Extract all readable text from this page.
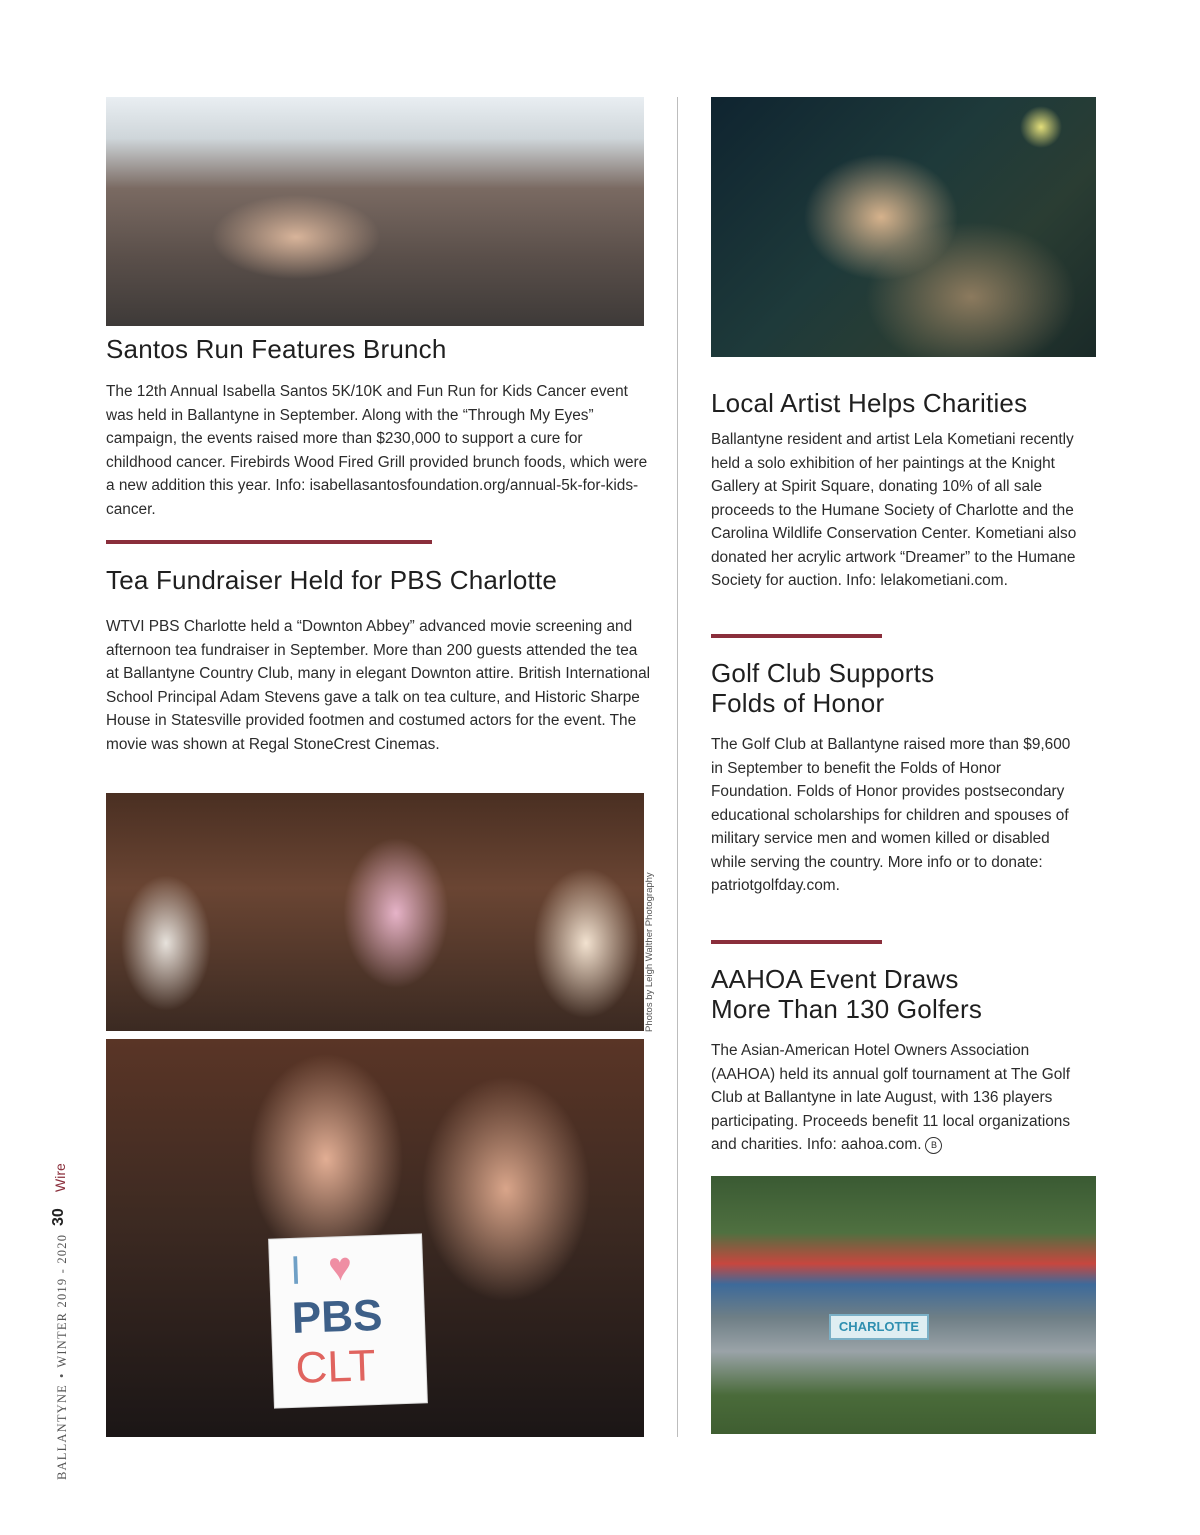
Santos Run Features Brunch

The 12th Annual Isabella Santos 5K/10K and Fun Run for Kids Cancer event was held in Ballantyne in September. Along with the “Through My Eyes” campaign, the events raised more than $230,000 to support a cure for childhood cancer. Firebirds Wood Fired Grill provided brunch foods, which were a new addition this year. Info: isabellasantosfoundation.org/annual-5k-for-kids-cancer.

Tea Fundraiser Held for PBS Charlotte

WTVI PBS Charlotte held a “Downton Abbey” advanced movie screening and afternoon tea fundraiser in September. More than 200 guests attended the tea at Ballantyne Country Club, many in elegant Downton attire. British International School Principal Adam Stevens gave a talk on tea culture, and Historic Sharpe House in Statesville provided footmen and costumed actors for the event. The movie was shown at Regal StoneCrest Cinemas.

Photos by Leigh Walther Photography
I ♥
PBS
CLT
Local Artist Helps Charities

Ballantyne resident and artist Lela Kometiani recently held a solo exhibition of her paintings at the Knight Gallery at Spirit Square, donating 10% of all sale proceeds to the Humane Society of Charlotte and the Carolina Wildlife Conservation Center. Kometiani also donated her acrylic artwork “Dreamer” to the Humane Society for auction. Info: lelakometiani.com.

Golf Club Supports
Folds of Honor

The Golf Club at Ballantyne raised more than $9,600 in September to benefit the Folds of Honor Foundation. Folds of Honor provides postsecondary educational scholarships for children and spouses of military service men and women killed or disabled while serving the country. More info or to donate: patriotgolfday.com.

AAHOA Event Draws
More Than 130 Golfers

The Asian-American Hotel Owners Association (AAHOA) held its annual golf tournament at The Golf Club at Ballantyne in late August, with 136 players participating. Proceeds benefit 11 local organizations and charities. Info: aahoa.com. B

CHARLOTTE
BALLANTYNE•WINTER 2019 - 2020
30
Wire
